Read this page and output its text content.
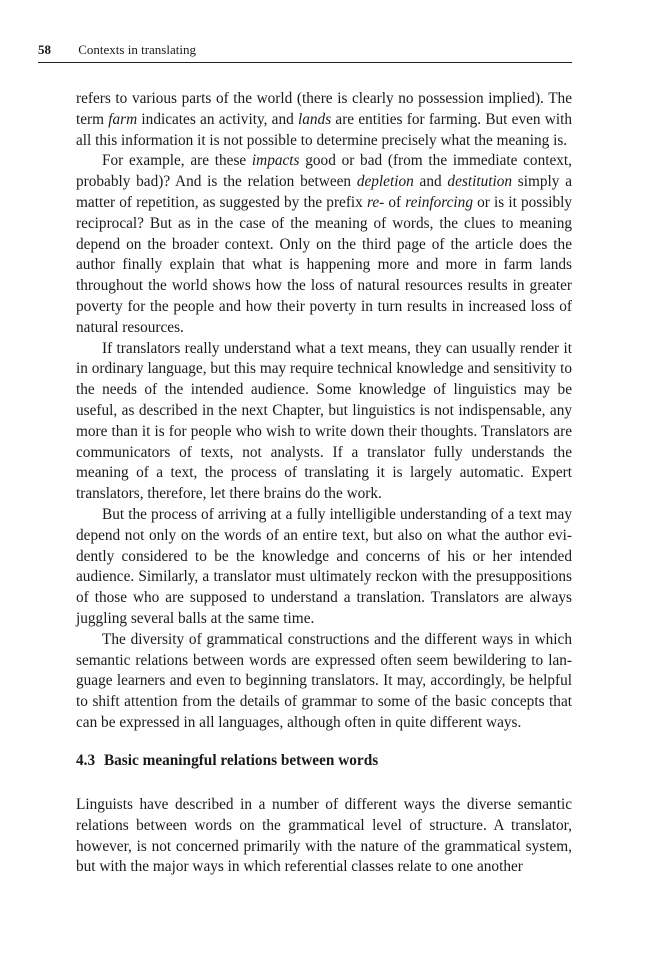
58 Contexts in translating

refers to various parts of the world (there is clearly no possession implied). The term farm indicates an activity, and lands are entities for farming. But even with all this information it is not possible to determine precisely what the meaning is.

For example, are these impacts good or bad (from the immediate context, probably bad)? And is the relation between depletion and destitution simply a matter of repetition, as suggested by the prefix re- of reinforcing or is it possibly reciprocal? But as in the case of the meaning of words, the clues to meaning depend on the broader context. Only on the third page of the article does the author finally explain that what is happening more and more in farm lands throughout the world shows how the loss of natural resources results in greater poverty for the people and how their poverty in turn results in increased loss of natural resources.

If translators really understand what a text means, they can usually render it in ordinary language, but this may require technical knowledge and sensitivity to the needs of the intended audience. Some knowledge of linguistics may be useful, as described in the next Chapter, but linguistics is not indispensable, any more than it is for people who wish to write down their thoughts. Translators are communicators of texts, not analysts. If a translator fully understands the meaning of a text, the process of translating it is largely automatic. Expert translators, therefore, let there brains do the work.

But the process of arriving at a fully intelligible understanding of a text may depend not only on the words of an entire text, but also on what the author evidently considered to be the knowledge and concerns of his or her intended audience. Similarly, a translator must ultimately reckon with the presuppositions of those who are supposed to understand a translation. Translators are always juggling several balls at the same time.

The diversity of grammatical constructions and the different ways in which semantic relations between words are expressed often seem bewildering to language learners and even to beginning translators. It may, accordingly, be helpful to shift attention from the details of grammar to some of the basic concepts that can be expressed in all languages, although often in quite different ways.

4.3 Basic meaningful relations between words

Linguists have described in a number of different ways the diverse semantic relations between words on the grammatical level of structure. A translator, however, is not concerned primarily with the nature of the grammatical system, but with the major ways in which referential classes relate to one another
